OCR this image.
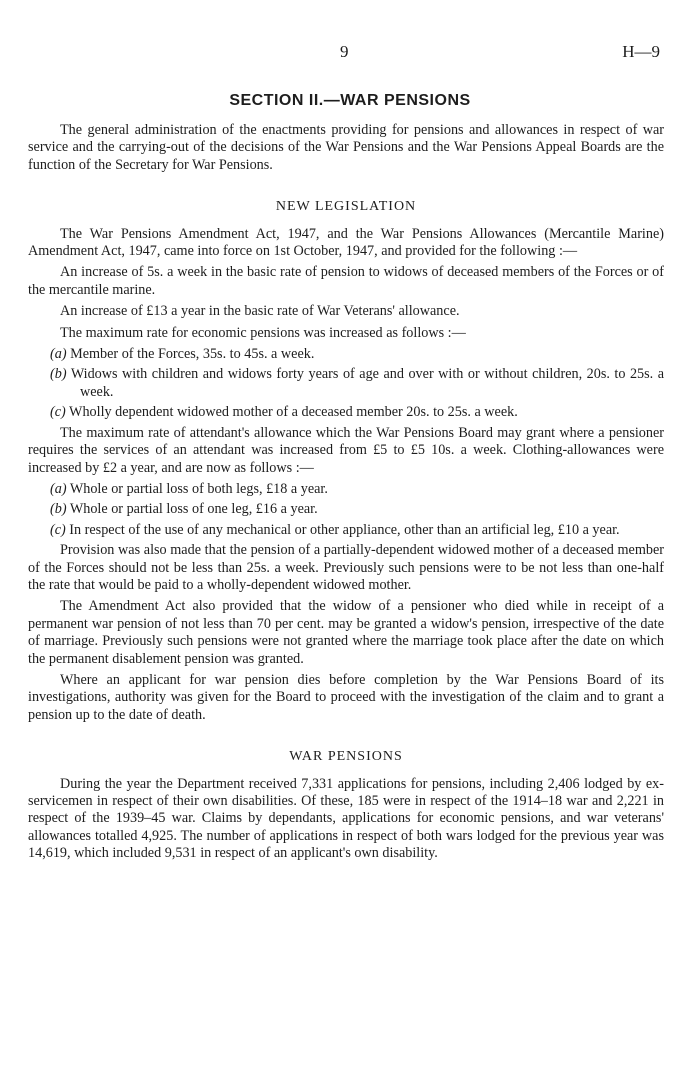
9	H—9
SECTION II.—WAR PENSIONS

The general administration of the enactments providing for pensions and allowances in respect of war service and the carrying-out of the decisions of the War Pensions and the War Pensions Appeal Boards are the function of the Secretary for War Pensions.

NEW LEGISLATION

The War Pensions Amendment Act, 1947, and the War Pensions Allowances (Mercantile Marine) Amendment Act, 1947, came into force on 1st October, 1947, and provided for the following :—

An increase of 5s. a week in the basic rate of pension to widows of deceased members of the Forces or of the mercantile marine.

An increase of £13 a year in the basic rate of War Veterans' allowance.

The maximum rate for economic pensions was increased as follows :—

(a) Member of the Forces, 35s. to 45s. a week.
(b) Widows with children and widows forty years of age and over with or without children, 20s. to 25s. a week.
(c) Wholly dependent widowed mother of a deceased member 20s. to 25s. a week.

The maximum rate of attendant's allowance which the War Pensions Board may grant where a pensioner requires the services of an attendant was increased from £5 to £5 10s. a week. Clothing-allowances were increased by £2 a year, and are now as follows :—

(a) Whole or partial loss of both legs, £18 a year.
(b) Whole or partial loss of one leg, £16 a year.
(c) In respect of the use of any mechanical or other appliance, other than an artificial leg, £10 a year.

Provision was also made that the pension of a partially-dependent widowed mother of a deceased member of the Forces should not be less than 25s. a week. Previously such pensions were to be not less than one-half the rate that would be paid to a wholly-dependent widowed mother.

The Amendment Act also provided that the widow of a pensioner who died while in receipt of a permanent war pension of not less than 70 per cent. may be granted a widow's pension, irrespective of the date of marriage. Previously such pensions were not granted where the marriage took place after the date on which the permanent disablement pension was granted.

Where an applicant for war pension dies before completion by the War Pensions Board of its investigations, authority was given for the Board to proceed with the investigation of the claim and to grant a pension up to the date of death.

WAR PENSIONS

During the year the Department received 7,331 applications for pensions, including 2,406 lodged by ex-servicemen in respect of their own disabilities. Of these, 185 were in respect of the 1914–18 war and 2,221 in respect of the 1939–45 war. Claims by dependants, applications for economic pensions, and war veterans' allowances totalled 4,925. The number of applications in respect of both wars lodged for the previous year was 14,619, which included 9,531 in respect of an applicant's own disability.
